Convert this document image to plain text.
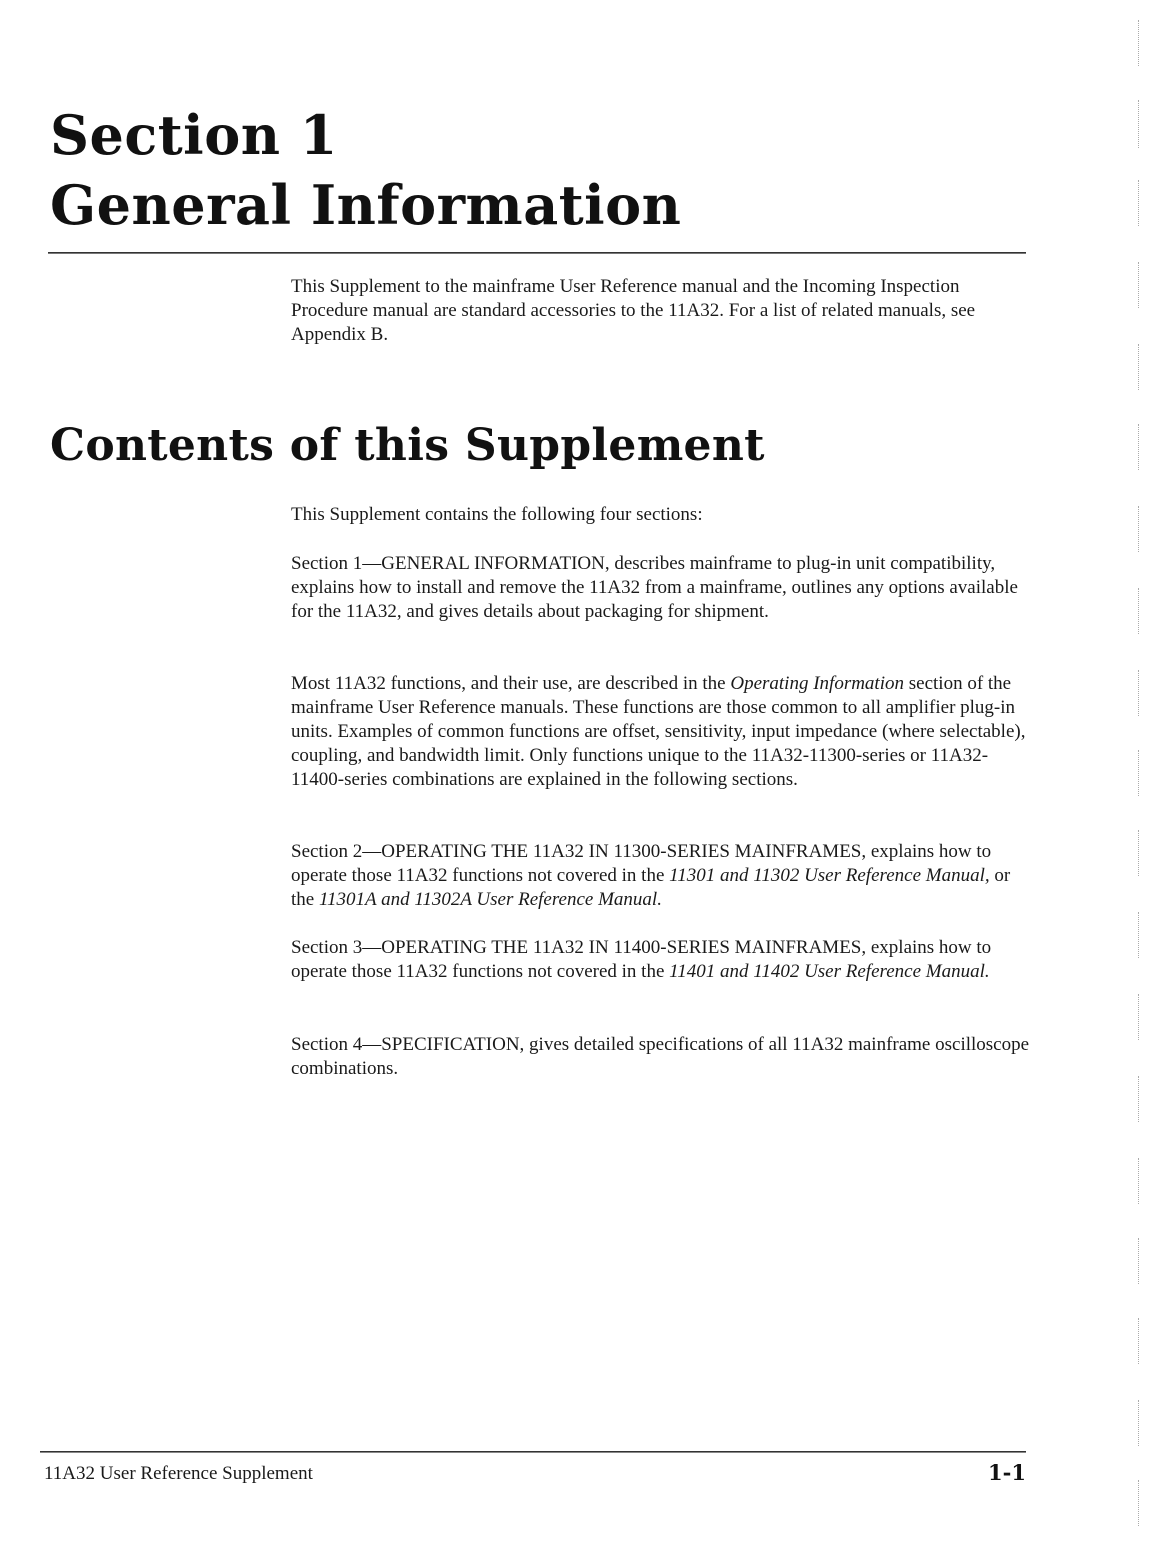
Section 1
General Information

This Supplement to the mainframe User Reference manual and the Incoming Inspection Procedure manual are standard accessories to the 11A32. For a list of related manuals, see Appendix B.

Contents of this Supplement

This Supplement contains the following four sections:

Section 1—GENERAL INFORMATION, describes mainframe to plug-in unit compatibility, explains how to install and remove the 11A32 from a mainframe, outlines any options available for the 11A32, and gives details about packaging for shipment.

Most 11A32 functions, and their use, are described in the Operating Information section of the mainframe User Reference manuals. These functions are those common to all amplifier plug-in units. Examples of common functions are offset, sensitivity, input impedance (where selectable), coupling, and bandwidth limit. Only functions unique to the 11A32-11300-series or 11A32-11400-series combinations are explained in the following sections.

Section 2—OPERATING THE 11A32 IN 11300-SERIES MAINFRAMES, explains how to operate those 11A32 functions not covered in the 11301 and 11302 User Reference Manual, or the 11301A and 11302A User Reference Manual.

Section 3—OPERATING THE 11A32 IN 11400-SERIES MAINFRAMES, explains how to operate those 11A32 functions not covered in the 11401 and 11402 User Reference Manual.

Section 4—SPECIFICATION, gives detailed specifications of all 11A32 mainframe oscilloscope combinations.

11A32 User Reference Supplement	1-1
